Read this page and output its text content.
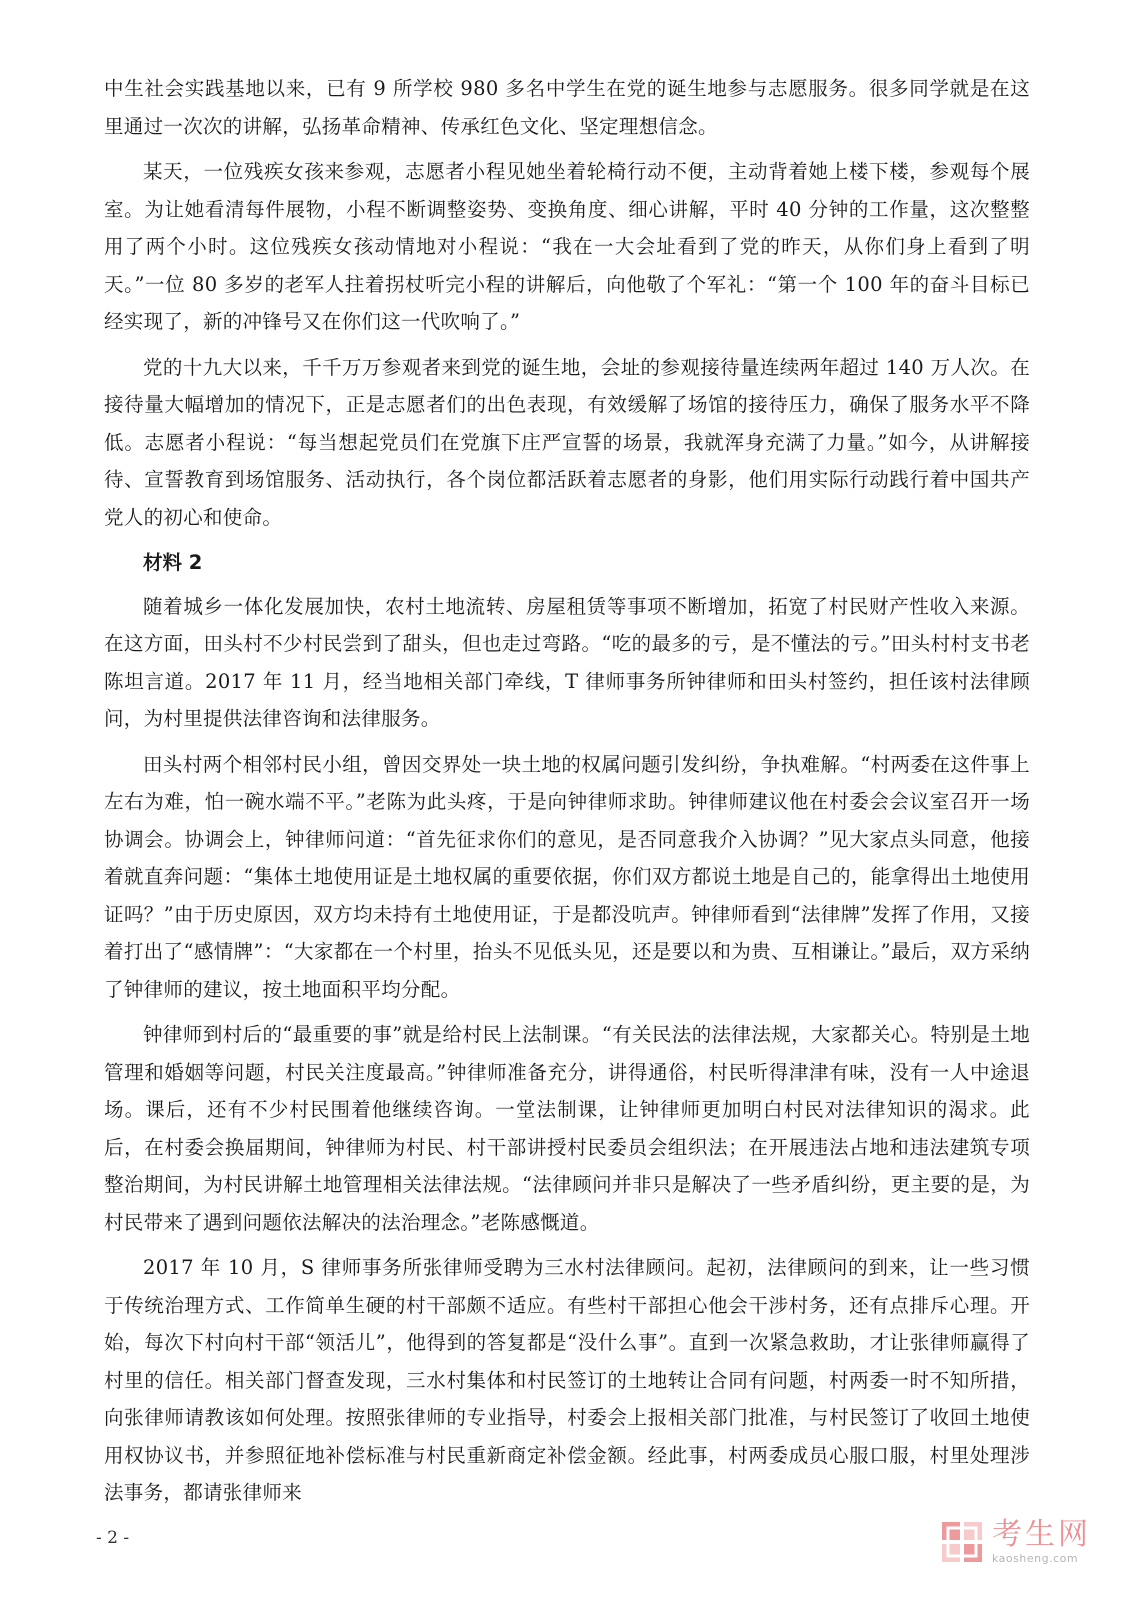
中生社会实践基地以来，已有 9 所学校 980 多名中学生在党的诞生地参与志愿服务。很多同学就是在这里通过一次次的讲解，弘扬革命精神、传承红色文化、坚定理想信念。

某天，一位残疾女孩来参观，志愿者小程见她坐着轮椅行动不便，主动背着她上楼下楼，参观每个展室。为让她看清每件展物，小程不断调整姿势、变换角度、细心讲解，平时 40 分钟的工作量，这次整整用了两个小时。这位残疾女孩动情地对小程说：“我在一大会址看到了党的昨天，从你们身上看到了明天。”一位 80 多岁的老军人拄着拐杖听完小程的讲解后，向他敬了个军礼：“第一个 100 年的奋斗目标已经实现了，新的冲锋号又在你们这一代吹响了。”

党的十九大以来，千千万万参观者来到党的诞生地，会址的参观接待量连续两年超过 140 万人次。在接待量大幅增加的情况下，正是志愿者们的出色表现，有效缓解了场馆的接待压力，确保了服务水平不降低。志愿者小程说：“每当想起党员们在党旗下庄严宣誓的场景，我就浑身充满了力量。”如今，从讲解接待、宣誓教育到场馆服务、活动执行，各个岗位都活跃着志愿者的身影，他们用实际行动践行着中国共产党人的初心和使命。

材料 2

随着城乡一体化发展加快，农村土地流转、房屋租赁等事项不断增加，拓宽了村民财产性收入来源。在这方面，田头村不少村民尝到了甜头，但也走过弯路。“吃的最多的亏，是不懂法的亏。”田头村村支书老陈坦言道。2017 年 11 月，经当地相关部门牵线，T 律师事务所钟律师和田头村签约，担任该村法律顾问，为村里提供法律咨询和法律服务。

田头村两个相邻村民小组，曾因交界处一块土地的权属问题引发纠纷，争执难解。“村两委在这件事上左右为难，怕一碗水端不平。”老陈为此头疼，于是向钟律师求助。钟律师建议他在村委会会议室召开一场协调会。协调会上，钟律师问道：“首先征求你们的意见，是否同意我介入协调？”见大家点头同意，他接着就直奔问题：“集体土地使用证是土地权属的重要依据，你们双方都说土地是自己的，能拿得出土地使用证吗？”由于历史原因，双方均未持有土地使用证，于是都没吭声。钟律师看到“法律牌”发挥了作用，又接着打出了“感情牌”：“大家都在一个村里，抬头不见低头见，还是要以和为贵、互相谦让。”最后，双方采纳了钟律师的建议，按土地面积平均分配。

钟律师到村后的“最重要的事”就是给村民上法制课。“有关民法的法律法规，大家都关心。特别是土地管理和婚姻等问题，村民关注度最高。”钟律师准备充分，讲得通俗，村民听得津津有味，没有一人中途退场。课后，还有不少村民围着他继续咨询。一堂法制课，让钟律师更加明白村民对法律知识的渴求。此后，在村委会换届期间，钟律师为村民、村干部讲授村民委员会组织法；在开展违法占地和违法建筑专项整治期间，为村民讲解土地管理相关法律法规。“法律顾问并非只是解决了一些矛盾纠纷，更主要的是，为村民带来了遇到问题依法解决的法治理念。”老陈感慨道。

2017 年 10 月，S 律师事务所张律师受聘为三水村法律顾问。起初，法律顾问的到来，让一些习惯于传统治理方式、工作简单生硬的村干部颇不适应。有些村干部担心他会干涉村务，还有点排斥心理。开始，每次下村向村干部“领活儿”，他得到的答复都是“没什么事”。直到一次紧急救助，才让张律师赢得了村里的信任。相关部门督查发现，三水村集体和村民签订的土地转让合同有问题，村两委一时不知所措，向张律师请教该如何处理。按照张律师的专业指导，村委会上报相关部门批准，与村民签订了收回土地使用权协议书，并参照征地补偿标准与村民重新商定补偿金额。经此事，村两委成员心服口服，村里处理涉法事务，都请张律师来

- 2 -	考生网
kaosheng.com
